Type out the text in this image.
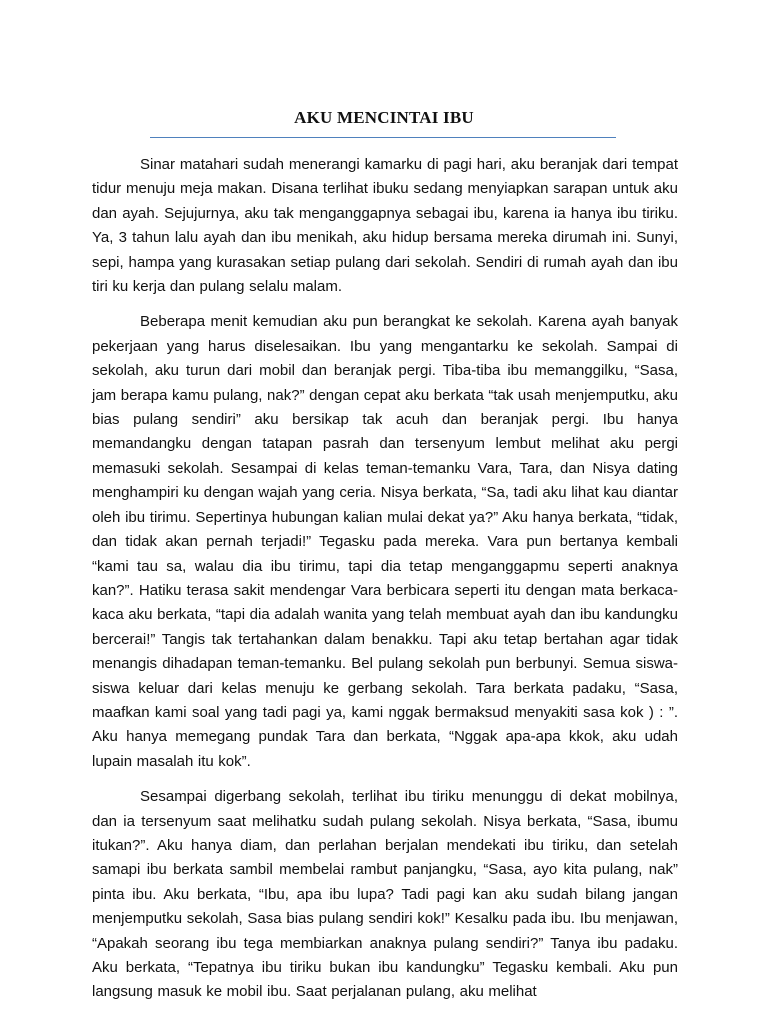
AKU MENCINTAI IBU

Sinar matahari sudah menerangi kamarku di pagi hari, aku beranjak dari tempat tidur menuju meja makan. Disana terlihat ibuku sedang menyiapkan sarapan untuk aku dan ayah. Sejujurnya, aku tak menganggapnya sebagai ibu, karena ia hanya ibu tiriku. Ya, 3 tahun lalu ayah dan ibu menikah, aku hidup bersama mereka dirumah ini. Sunyi, sepi, hampa yang kurasakan setiap pulang dari sekolah. Sendiri di rumah ayah dan ibu tiri ku kerja dan pulang selalu malam.

Beberapa menit kemudian aku pun berangkat ke sekolah. Karena ayah banyak pekerjaan yang harus diselesaikan. Ibu yang mengantarku ke sekolah. Sampai di sekolah, aku turun dari mobil dan beranjak pergi. Tiba-tiba ibu memanggilku, “Sasa, jam berapa kamu pulang, nak?” dengan cepat aku berkata “tak usah menjemputku, aku bias pulang sendiri” aku bersikap tak acuh dan beranjak pergi. Ibu hanya memandangku dengan tatapan pasrah dan tersenyum lembut melihat aku pergi memasuki sekolah. Sesampai di kelas teman-temanku Vara, Tara, dan Nisya dating menghampiri ku dengan wajah yang ceria. Nisya berkata, “Sa, tadi aku lihat kau diantar oleh ibu tirimu. Sepertinya hubungan kalian mulai dekat ya?” Aku hanya berkata, “tidak, dan tidak akan pernah terjadi!” Tegasku pada mereka. Vara pun bertanya kembali “kami tau sa, walau dia ibu tirimu, tapi dia tetap menganggapmu seperti anaknya kan?”. Hatiku terasa sakit mendengar Vara berbicara seperti itu dengan mata berkaca-kaca aku berkata, “tapi dia adalah wanita yang telah membuat ayah dan ibu kandungku bercerai!” Tangis tak tertahankan dalam benakku. Tapi aku tetap bertahan agar tidak menangis dihadapan teman-temanku. Bel pulang sekolah pun berbunyi. Semua siswa-siswa keluar dari kelas menuju ke gerbang sekolah. Tara berkata padaku, “Sasa, maafkan kami soal yang tadi pagi ya, kami nggak bermaksud menyakiti sasa kok ) : ”. Aku hanya memegang pundak Tara dan berkata, “Nggak apa-apa kkok, aku udah lupain masalah itu kok”.

Sesampai digerbang sekolah, terlihat ibu tiriku menunggu di dekat mobilnya, dan ia tersenyum saat melihatku sudah pulang sekolah. Nisya berkata, “Sasa, ibumu itukan?”. Aku hanya diam, dan perlahan berjalan mendekati ibu tiriku, dan setelah samapi ibu berkata sambil membelai rambut panjangku, “Sasa, ayo kita pulang, nak” pinta ibu. Aku berkata, “Ibu, apa ibu lupa? Tadi pagi kan aku sudah bilang jangan menjemputku sekolah, Sasa bias pulang sendiri kok!” Kesalku pada ibu. Ibu menjawan, “Apakah seorang ibu tega membiarkan anaknya pulang sendiri?” Tanya ibu padaku. Aku berkata, “Tepatnya ibu tiriku bukan ibu kandungku” Tegasku kembali. Aku pun langsung masuk ke mobil ibu. Saat perjalanan pulang, aku melihat
